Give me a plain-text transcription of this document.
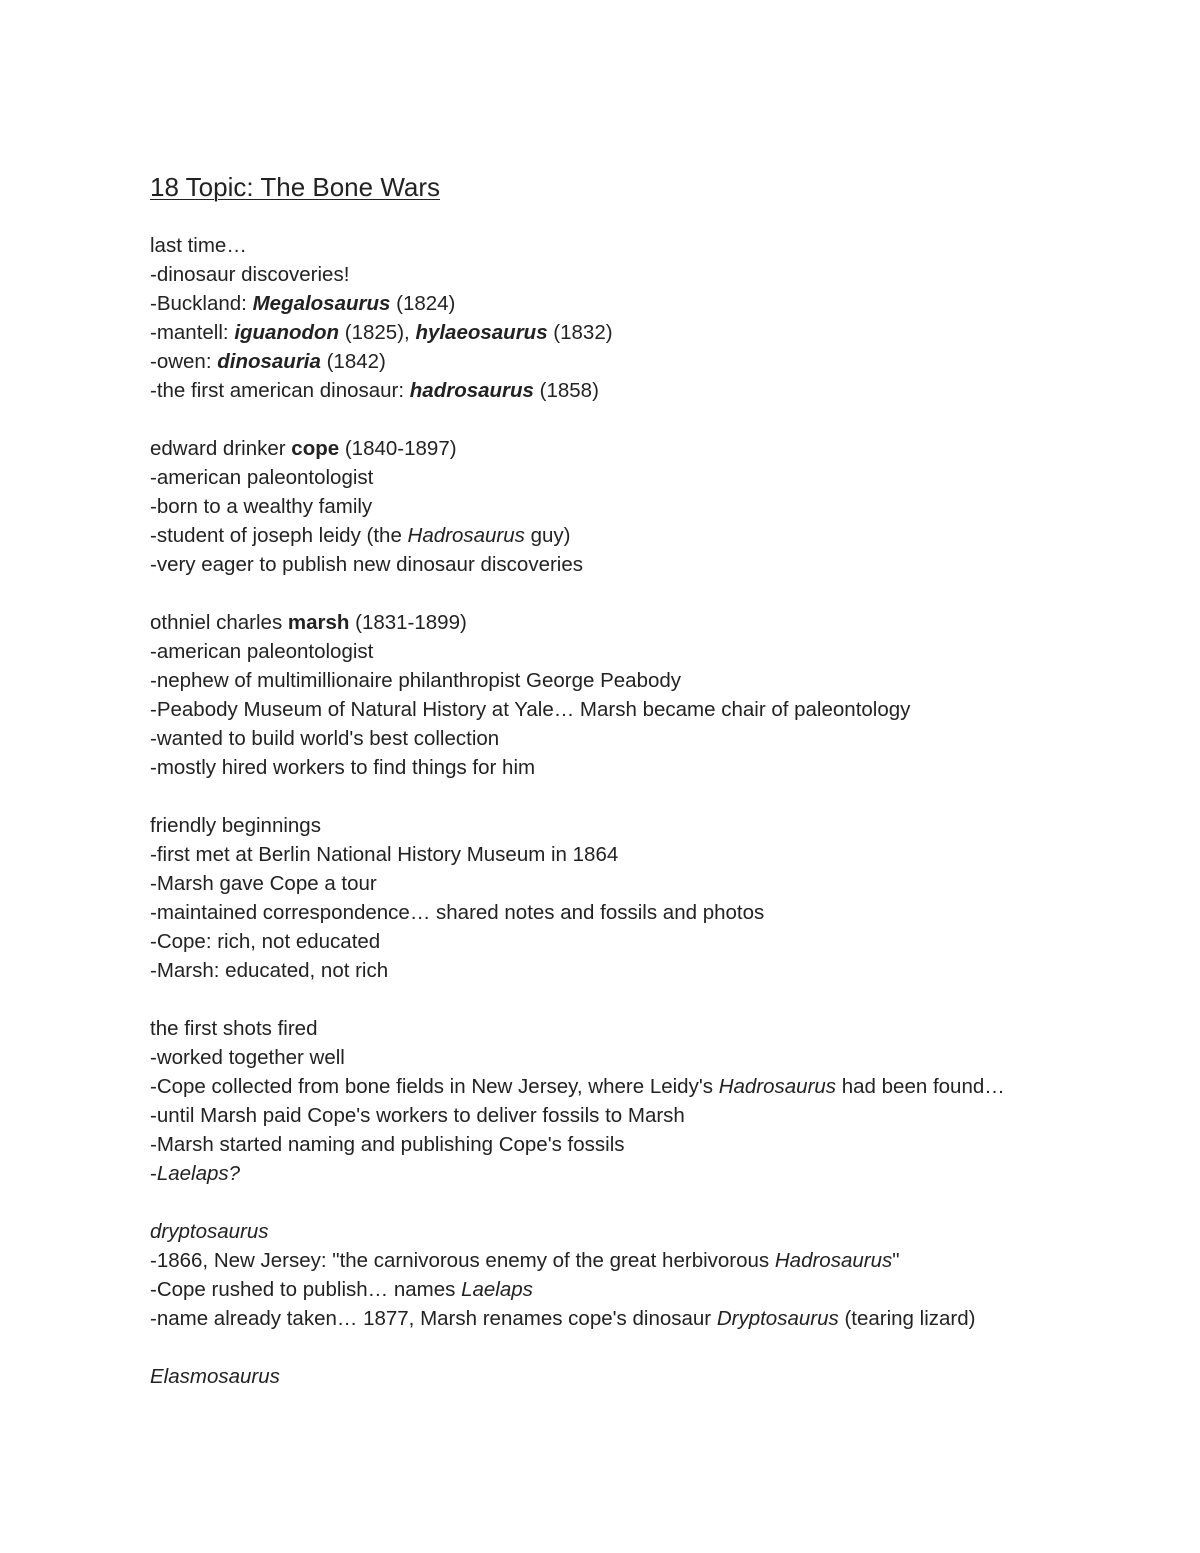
18 Topic: The Bone Wars
last time…
-dinosaur discoveries!
-Buckland: Megalosaurus (1824)
-mantell: iguanodon (1825), hylaeosaurus (1832)
-owen: dinosauria (1842)
-the first american dinosaur: hadrosaurus (1858)
edward drinker cope (1840-1897)
-american paleontologist
-born to a wealthy family
-student of joseph leidy (the Hadrosaurus guy)
-very eager to publish new dinosaur discoveries
othniel charles marsh (1831-1899)
-american paleontologist
-nephew of multimillionaire philanthropist George Peabody
-Peabody Museum of Natural History at Yale… Marsh became chair of paleontology
-wanted to build world's best collection
-mostly hired workers to find things for him
friendly beginnings
-first met at Berlin National History Museum in 1864
-Marsh gave Cope a tour
-maintained correspondence… shared notes and fossils and photos
-Cope: rich, not educated
-Marsh: educated, not rich
the first shots fired
-worked together well
-Cope collected from bone fields in New Jersey, where Leidy's Hadrosaurus had been found…
-until Marsh paid Cope's workers to deliver fossils to Marsh
-Marsh started naming and publishing Cope's fossils
-Laelaps?
dryptosaurus
-1866, New Jersey: "the carnivorous enemy of the great herbivorous Hadrosaurus"
-Cope rushed to publish… names Laelaps
-name already taken… 1877, Marsh renames cope's dinosaur Dryptosaurus (tearing lizard)
Elasmosaurus
